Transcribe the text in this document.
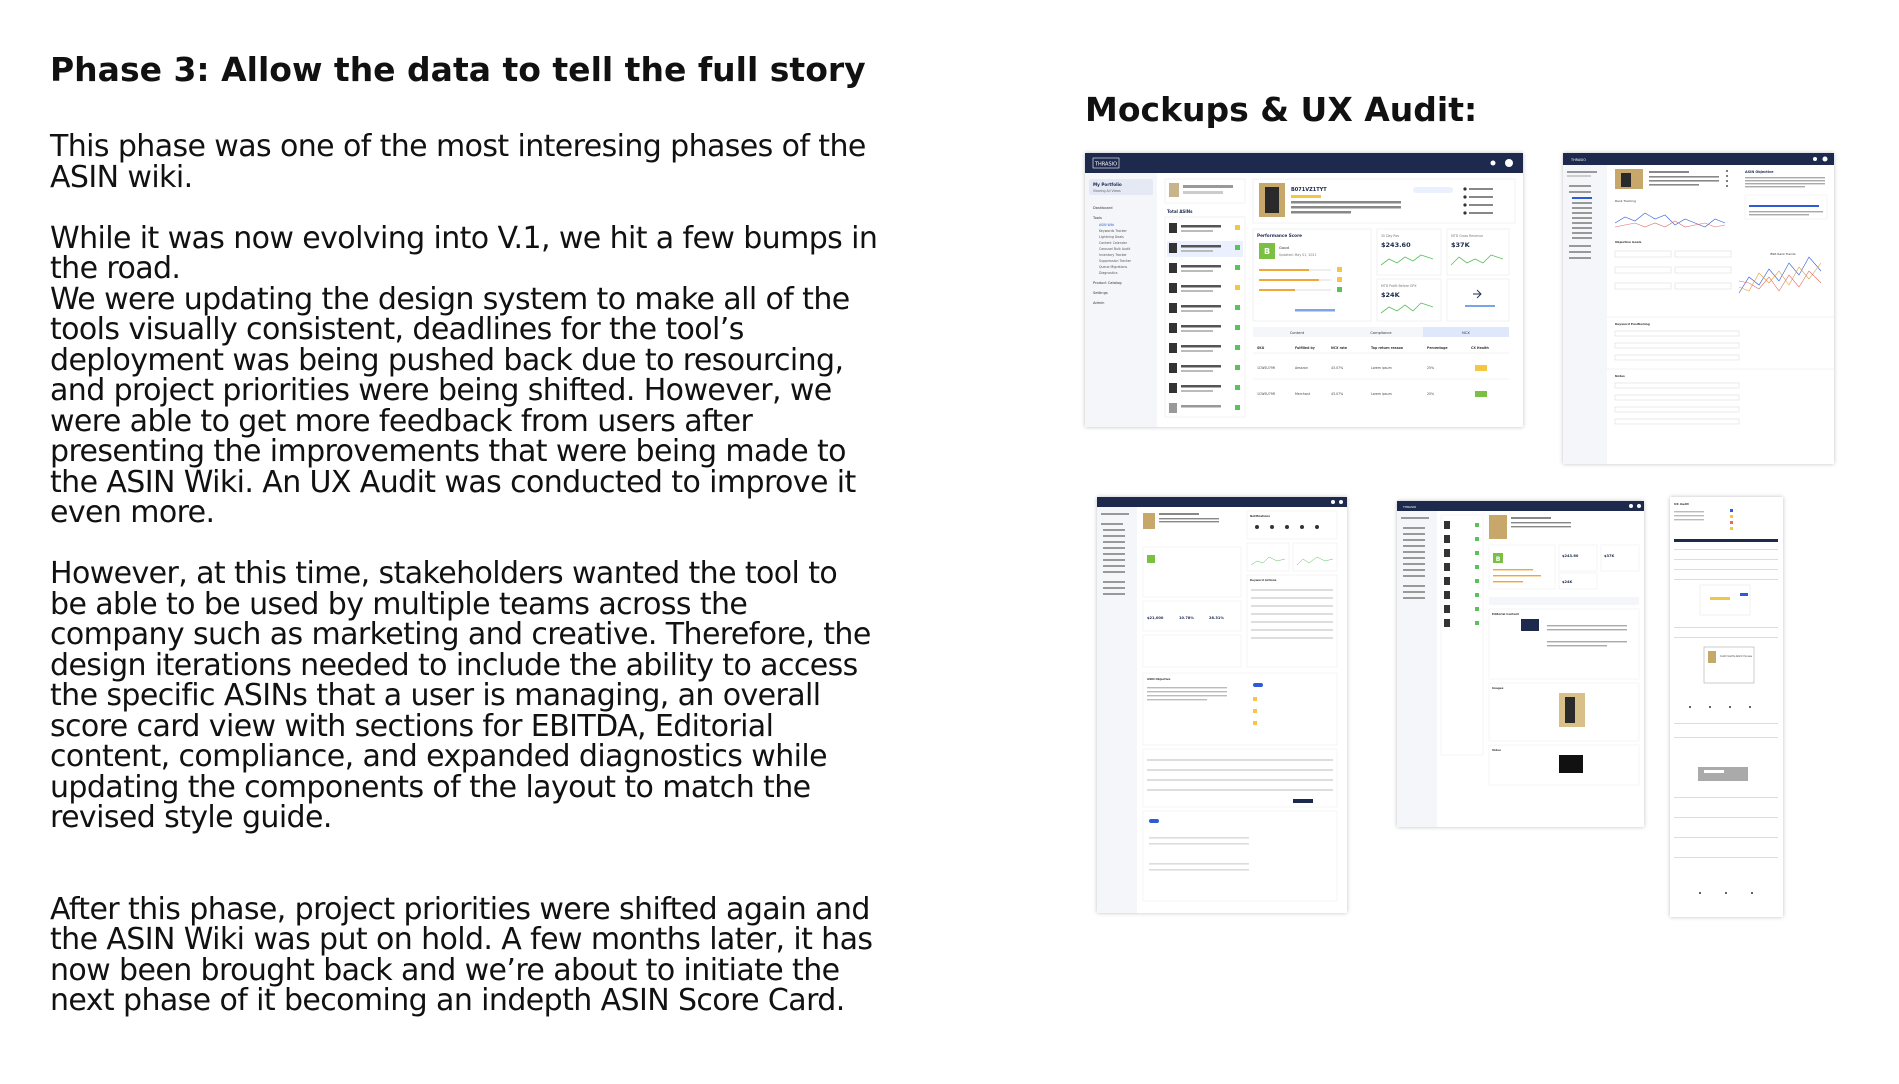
Phase 3: Allow the data to tell the full story

This phase was one of the most interesing phases of the ASIN wiki.

While it was now evolving into V.1, we hit a few bumps in the road.

We were updating the design system to make all of the tools visually consistent, deadlines for the tool’s deployment was being pushed back due to resourcing, and project priorities were being shifted. However, we were able to get more feedback from users after presenting the improvements that were being made to the ASIN Wiki. An UX Audit was conducted to improve it even more.

However, at this time, stakeholders wanted the tool to be able to be used by multiple teams across the company such as marketing and creative. Therefore, the design iterations needed to include the ability to access the specific ASINs that a user is managing, an overall score card view with sections for EBITDA, Editorial content, compliance, and expanded diagnostics while updating the components of the layout to match the revised style guide.

After this phase, project priorities were shifted again and the ASIN Wiki was put on hold. A few months later, it has now been brought back and we’re about to initiate the next phase of it becoming an indepth ASIN Score Card.

Mockups & UX Audit:
THRASIO
My Portfolio
Viewing All Views
Dashboard
Tools
ASIN Wiki
Keywords Tracker
Lightning Deals
Content Calendar
Carousel Bulk Audit
Inventory Tracker
Suppression Tracker
Queue Migrations
Diagnostics
Product Catalog
Settings
Admin
Total ASINs
B071VZ1TYT
Performance Score
B Good
Updated: May 01, 2021
30 Day Rev
$243.60
MTD Gross Revenue
$37K
MTD Profit Before OPX
$24K
Content	Compliance	NCX
SKU	Fulfilled by	NCX rate	Top return reason	Percentage	CX Health
1CWSU79R	Amazon	43.07%	Lorem ipsum	25%
1CWSU79R	Merchant	43.07%	Lorem ipsum	25%
THRASIO
ASIN Objective
Rank Tracking
Objective Goals
BSR Rank Trends
Keyword Positioning
Notes
Notifications
$21,000	10.78%	28.31%
Keyword Actions
ASIN Objective
THRASIO
B	$243.60	$37K
$24K
Editorial Content
Images
Video
UX Audit
Couldn't load the data for this issue
